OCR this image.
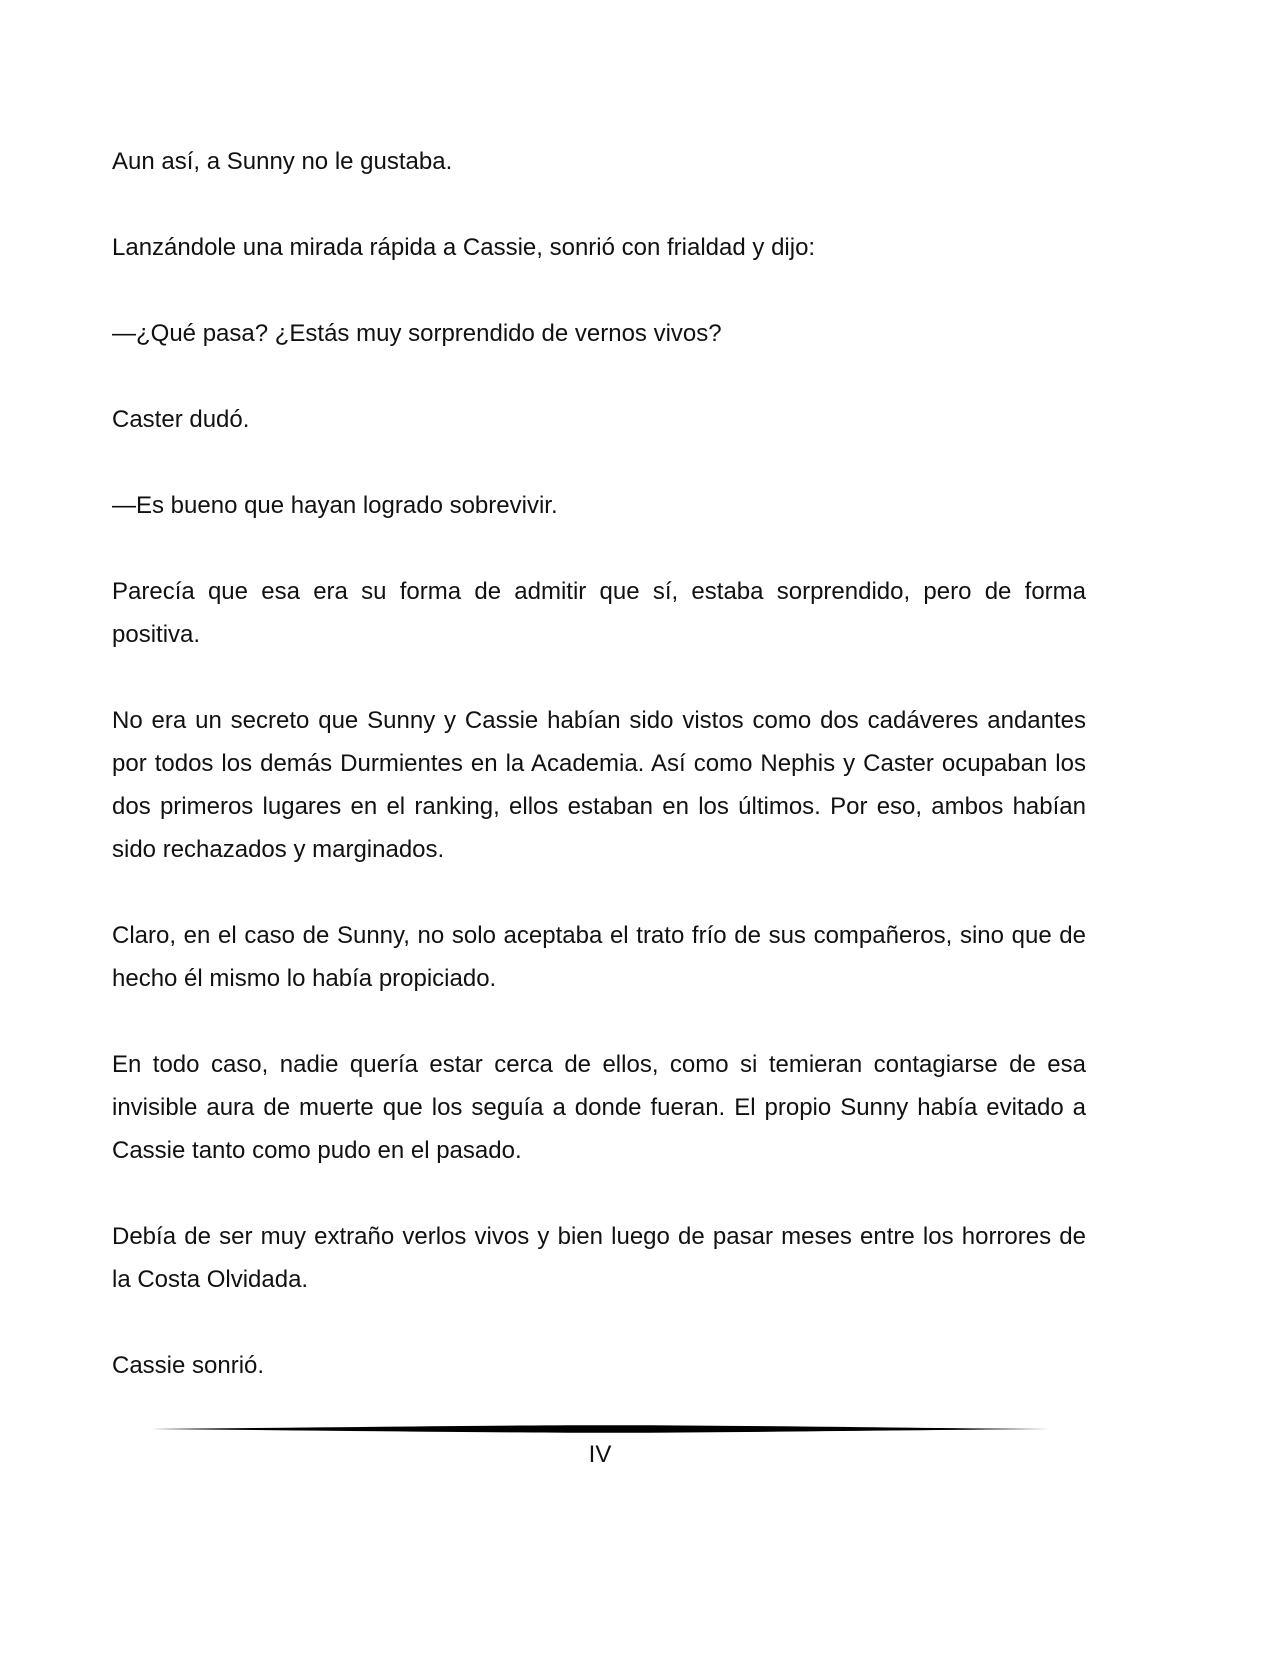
Aun así, a Sunny no le gustaba.

Lanzándole una mirada rápida a Cassie, sonrió con frialdad y dijo:

—¿Qué pasa? ¿Estás muy sorprendido de vernos vivos?

Caster dudó.

—Es bueno que hayan logrado sobrevivir.

Parecía que esa era su forma de admitir que sí, estaba sorprendido, pero de forma positiva.

No era un secreto que Sunny y Cassie habían sido vistos como dos cadáveres andantes por todos los demás Durmientes en la Academia. Así como Nephis y Caster ocupaban los dos primeros lugares en el ranking, ellos estaban en los últimos. Por eso, ambos habían sido rechazados y marginados.

Claro, en el caso de Sunny, no solo aceptaba el trato frío de sus compañeros, sino que de hecho él mismo lo había propiciado.

En todo caso, nadie quería estar cerca de ellos, como si temieran contagiarse de esa invisible aura de muerte que los seguía a donde fueran. El propio Sunny había evitado a Cassie tanto como pudo en el pasado.

Debía de ser muy extraño verlos vivos y bien luego de pasar meses entre los horrores de la Costa Olvidada.

Cassie sonrió.

IV
